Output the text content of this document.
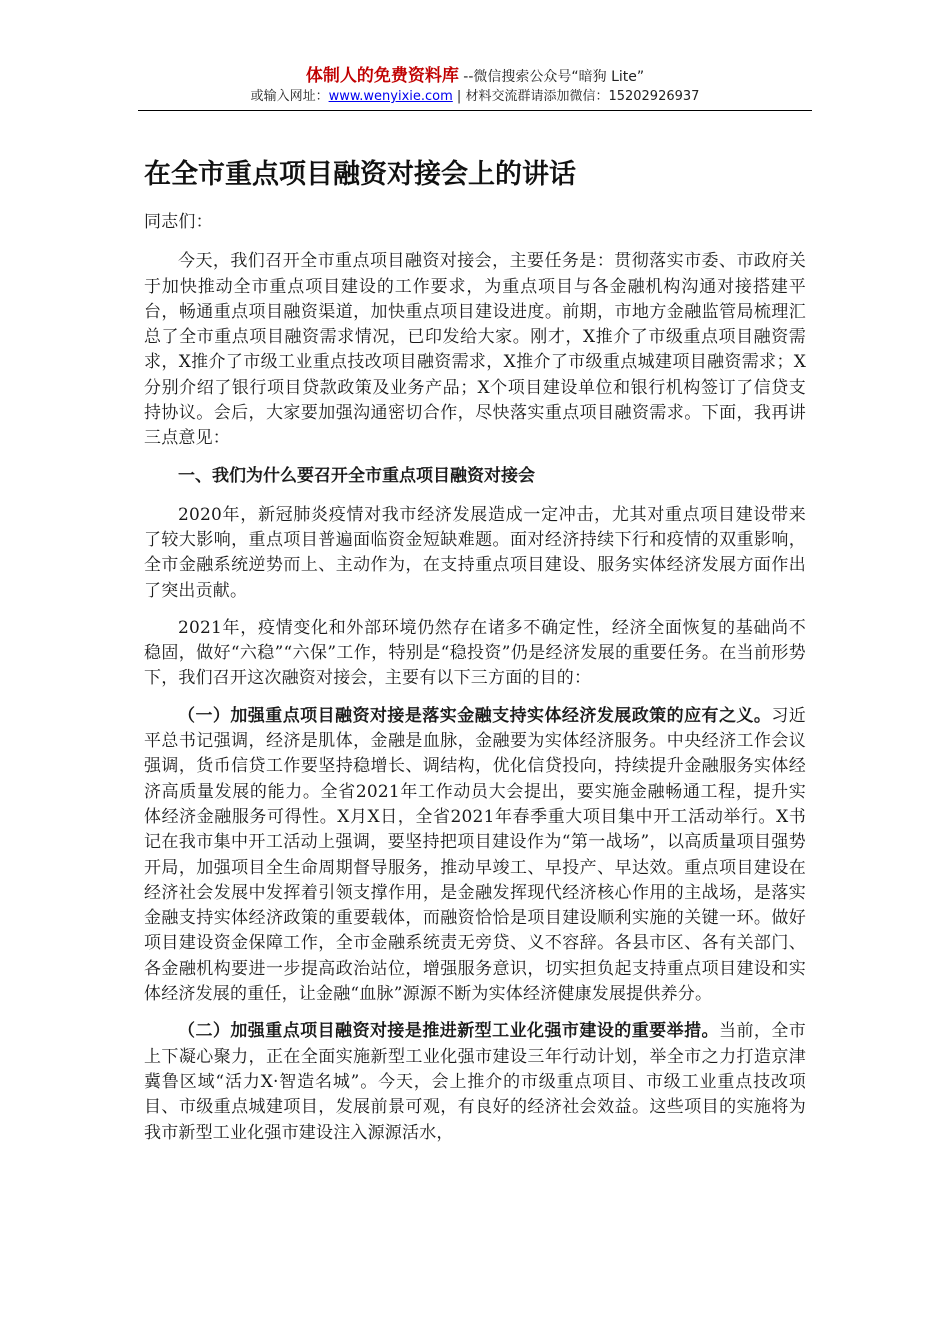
体制人的免费资料库 --微信搜索公众号“暗狗 Lite”
或输入网址：www.wenyixie.com | 材料交流群请添加微信：15202926937
在全市重点项目融资对接会上的讲话

同志们：

今天，我们召开全市重点项目融资对接会，主要任务是：贯彻落实市委、市政府关于加快推动全市重点项目建设的工作要求，为重点项目与各金融机构沟通对接搭建平台，畅通重点项目融资渠道，加快重点项目建设进度。前期，市地方金融监管局梳理汇总了全市重点项目融资需求情况，已印发给大家。刚才，X推介了市级重点项目融资需求，X推介了市级工业重点技改项目融资需求，X推介了市级重点城建项目融资需求；X分别介绍了银行项目贷款政策及业务产品；X个项目建设单位和银行机构签订了信贷支持协议。会后，大家要加强沟通密切合作，尽快落实重点项目融资需求。下面，我再讲三点意见：

一、我们为什么要召开全市重点项目融资对接会

2020年，新冠肺炎疫情对我市经济发展造成一定冲击，尤其对重点项目建设带来了较大影响，重点项目普遍面临资金短缺难题。面对经济持续下行和疫情的双重影响，全市金融系统逆势而上、主动作为，在支持重点项目建设、服务实体经济发展方面作出了突出贡献。

2021年，疫情变化和外部环境仍然存在诸多不确定性，经济全面恢复的基础尚不稳固，做好“六稳”“六保”工作，特别是“稳投资”仍是经济发展的重要任务。在当前形势下，我们召开这次融资对接会，主要有以下三方面的目的：

（一）加强重点项目融资对接是落实金融支持实体经济发展政策的应有之义。习近平总书记强调，经济是肌体，金融是血脉，金融要为实体经济服务。中央经济工作会议强调，货币信贷工作要坚持稳增长、调结构，优化信贷投向，持续提升金融服务实体经济高质量发展的能力。全省2021年工作动员大会提出，要实施金融畅通工程，提升实体经济金融服务可得性。X月X日，全省2021年春季重大项目集中开工活动举行。X书记在我市集中开工活动上强调，要坚持把项目建设作为“第一战场”，以高质量项目强势开局，加强项目全生命周期督导服务，推动早竣工、早投产、早达效。重点项目建设在经济社会发展中发挥着引领支撑作用，是金融发挥现代经济核心作用的主战场，是落实金融支持实体经济政策的重要载体，而融资恰恰是项目建设顺利实施的关键一环。做好项目建设资金保障工作，全市金融系统责无旁贷、义不容辞。各县市区、各有关部门、各金融机构要进一步提高政治站位，增强服务意识，切实担负起支持重点项目建设和实体经济发展的重任，让金融“血脉”源源不断为实体经济健康发展提供养分。

（二）加强重点项目融资对接是推进新型工业化强市建设的重要举措。当前，全市上下凝心聚力，正在全面实施新型工业化强市建设三年行动计划，举全市之力打造京津冀鲁区域“活力X·智造名城”。今天，会上推介的市级重点项目、市级工业重点技改项目、市级重点城建项目，发展前景可观，有良好的经济社会效益。这些项目的实施将为我市新型工业化强市建设注入源源活水，
